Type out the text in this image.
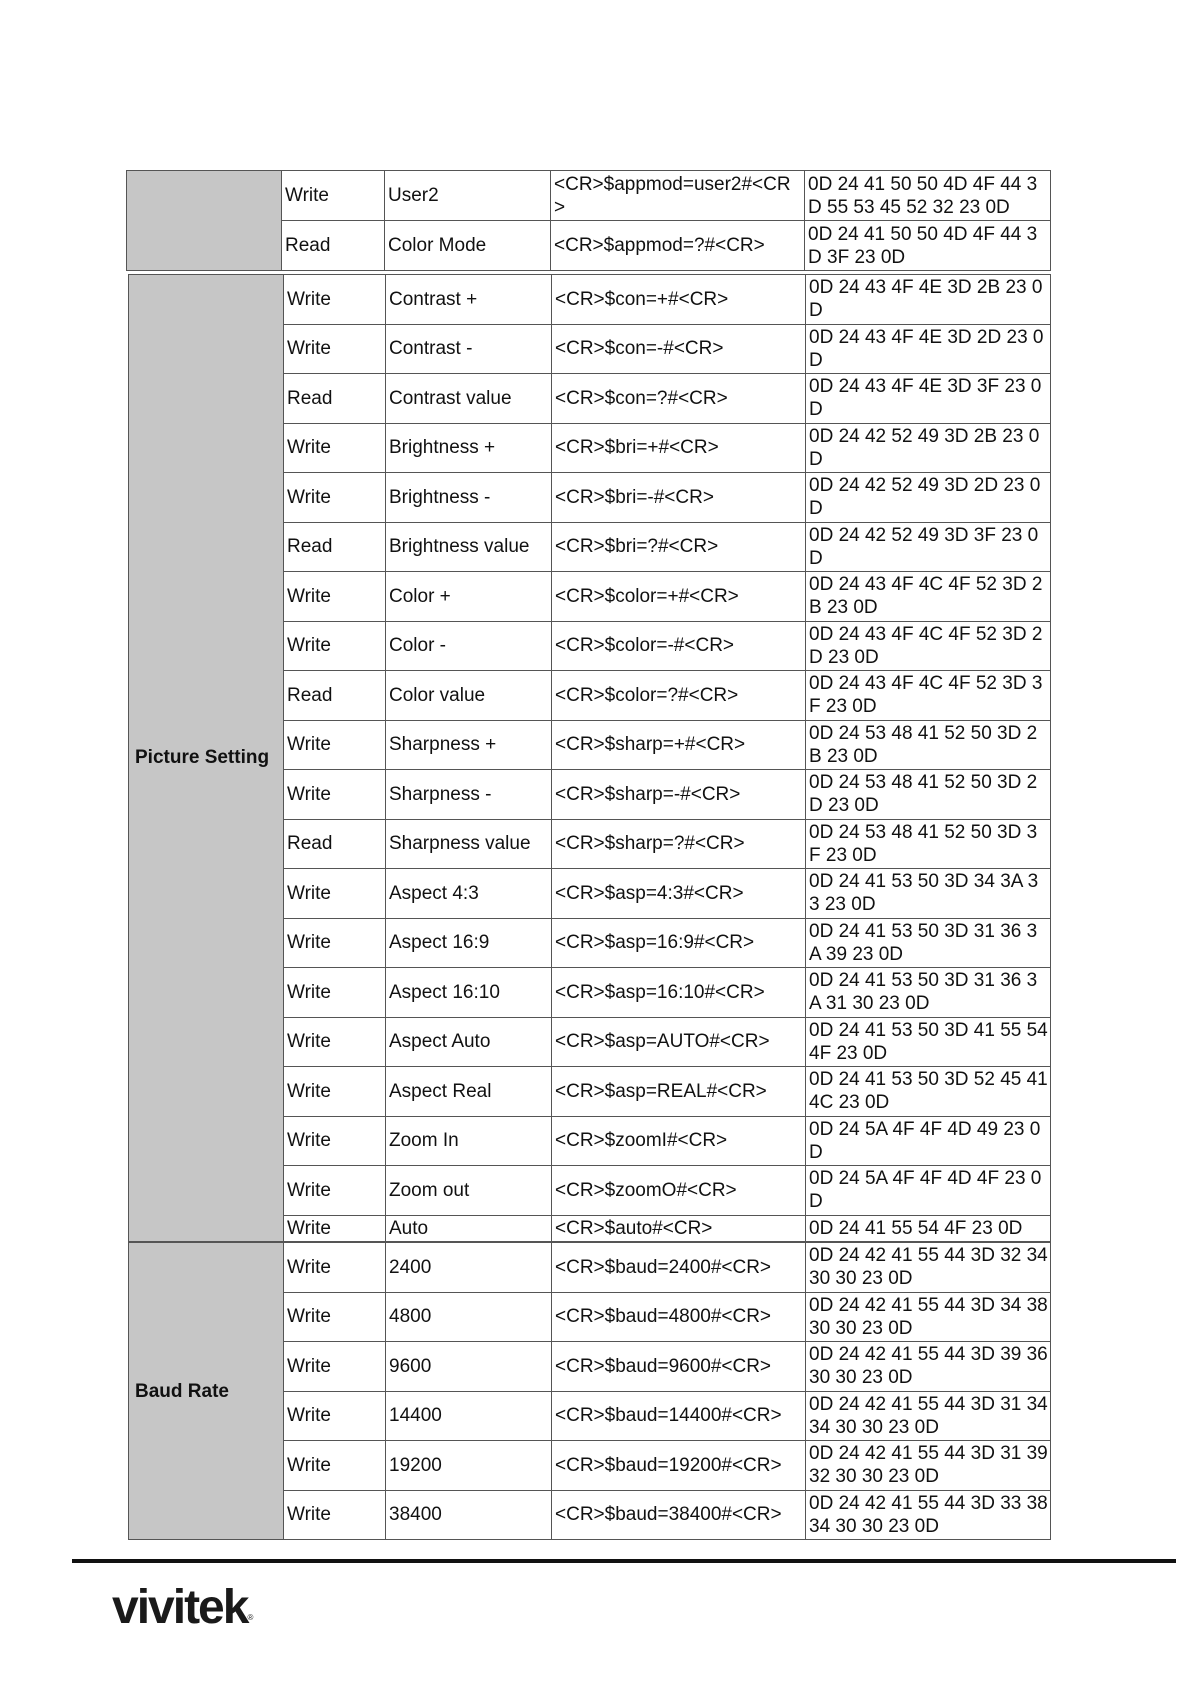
	Write	User2	<CR>$appmod=user2#<CR>	0D 24 41 50 50 4D 4F 44 3D 55 53 45 52 32 23 0D
	Read	Color Mode	<CR>$appmod=?#<CR>	0D 24 41 50 50 4D 4F 44 3D 3F 23 0D
Picture Setting	Write	Contrast +	<CR>$con=+#<CR>	0D 24 43 4F 4E 3D 2B 23 0D
	Write	Contrast -	<CR>$con=-#<CR>	0D 24 43 4F 4E 3D 2D 23 0D
	Read	Contrast value	<CR>$con=?#<CR>	0D 24 43 4F 4E 3D 3F 23 0D
	Write	Brightness +	<CR>$bri=+#<CR>	0D 24 42 52 49 3D 2B 23 0D
	Write	Brightness -	<CR>$bri=-#<CR>	0D 24 42 52 49 3D 2D 23 0D
	Read	Brightness value	<CR>$bri=?#<CR>	0D 24 42 52 49 3D 3F 23 0D
	Write	Color +	<CR>$color=+#<CR>	0D 24 43 4F 4C 4F 52 3D 2B 23 0D
	Write	Color -	<CR>$color=-#<CR>	0D 24 43 4F 4C 4F 52 3D 2D 23 0D
	Read	Color value	<CR>$color=?#<CR>	0D 24 43 4F 4C 4F 52 3D 3F 23 0D
	Write	Sharpness +	<CR>$sharp=+#<CR>	0D 24 53 48 41 52 50 3D 2B 23 0D
	Write	Sharpness -	<CR>$sharp=-#<CR>	0D 24 53 48 41 52 50 3D 2D 23 0D
	Read	Sharpness value	<CR>$sharp=?#<CR>	0D 24 53 48 41 52 50 3D 3F 23 0D
	Write	Aspect 4:3	<CR>$asp=4:3#<CR>	0D 24 41 53 50 3D 34 3A 33 23 0D
	Write	Aspect 16:9	<CR>$asp=16:9#<CR>	0D 24 41 53 50 3D 31 36 3A 39 23 0D
	Write	Aspect 16:10	<CR>$asp=16:10#<CR>	0D 24 41 53 50 3D 31 36 3A 31 30 23 0D
	Write	Aspect Auto	<CR>$asp=AUTO#<CR>	0D 24 41 53 50 3D 41 55 54 4F 23 0D
	Write	Aspect Real	<CR>$asp=REAL#<CR>	0D 24 41 53 50 3D 52 45 41 4C 23 0D
	Write	Zoom In	<CR>$zoomI#<CR>	0D 24 5A 4F 4F 4D 49 23 0D
	Write	Zoom out	<CR>$zoomO#<CR>	0D 24 5A 4F 4F 4D 4F 23 0D
	Write	Auto	<CR>$auto#<CR>	0D 24 41 55 54 4F 23 0D
Baud Rate	Write	2400	<CR>$baud=2400#<CR>	0D 24 42 41 55 44 3D 32 34 30 30 23 0D
	Write	4800	<CR>$baud=4800#<CR>	0D 24 42 41 55 44 3D 34 38 30 30 23 0D
	Write	9600	<CR>$baud=9600#<CR>	0D 24 42 41 55 44 3D 39 36 30 30 23 0D
	Write	14400	<CR>$baud=14400#<CR>	0D 24 42 41 55 44 3D 31 34 34 30 30 23 0D
	Write	19200	<CR>$baud=19200#<CR>	0D 24 42 41 55 44 3D 31 39 32 30 30 23 0D
	Write	38400	<CR>$baud=38400#<CR>	0D 24 42 41 55 44 3D 33 38 34 30 30 23 0D
vivitek®
